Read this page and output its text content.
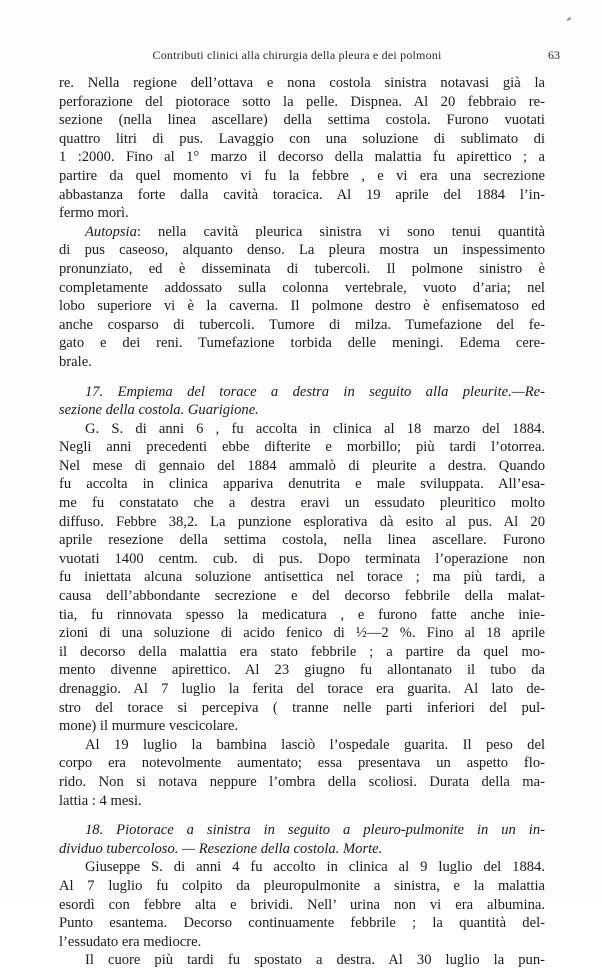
Contributi clinici alla chirurgia della pleura e dei polmoni	63
re. Nella regione dell’ottava e nona costola sinistra notavasi già la
perforazione del piotorace sotto la pelle. Dispnea. Al 20 febbraio re-
sezione (nella linea ascellare) della settima costola. Furono vuotati
quattro litri di pus. Lavaggio con una soluzione di sublimato di
1 :2000. Fino al 1° marzo il decorso della malattia fu apirettico ; a
partire da quel momento vi fu la febbre , e vi era una secrezione
abbastanza forte dalla cavità toracica. Al 19 aprile del 1884 l’in-
fermo morì.
Autopsia: nella cavità pleurica sinistra vi sono tenui quantità
di pus caseoso, alquanto denso. La pleura mostra un inspessimento
pronunziato, ed è disseminata di tubercoli. Il polmone sinistro è
completamente addossato sulla colonna vertebrale, vuoto d’aria; nel
lobo superiore vi è la caverna. Il polmone destro è enfisematoso ed
anche cosparso di tubercoli. Tumore di milza. Tumefazione del fe-
gato e dei reni. Tumefazione torbida delle meningi. Edema cere-
brale.
17. Empiema del torace a destra in seguito alla pleurite.—Re-
sezione della costola. Guarigione.
G. S. di anni 6 , fu accolta in clinica al 18 marzo del 1884.
Negli anni precedenti ebbe difterite e morbillo; più tardi l’otorrea.
Nel mese di gennaio del 1884 ammalò di pleurite a destra. Quando
fu accolta in clinica appariva denutrita e male sviluppata. All’esa-
me fu constatato che a destra eravi un essudato pleuritico molto
diffuso. Febbre 38,2. La punzione esplorativa dà esito al pus. Al 20
aprile resezione della settima costola, nella linea ascellare. Furono
vuotati 1400 centm. cub. di pus. Dopo terminata l’operazione non
fu iniettata alcuna soluzione antisettica nel torace ; ma più tardi, a
causa dell’abbondante secrezione e del decorso febbrile della malat-
tia, fu rinnovata spesso la medicatura , e furono fatte anche inie-
zioni di una soluzione di acido fenico di ½—2 %. Fino al 18 aprile
il decorso della malattia era stato febbrile ; a partire da quel mo-
mento divenne apirettico. Al 23 giugno fu allontanato il tubo da
drenaggio. Al 7 luglio la ferita del torace era guarita. Al lato de-
stro del torace si percepiva ( tranne nelle parti inferiori del pul-
mone) il murmure vescicolare.
Al 19 luglio la bambina lasciò l’ospedale guarita. Il peso del
corpo era notevolmente aumentato; essa presentava un aspetto flo-
rido. Non si notava neppure l’ombra della scoliosi. Durata della ma-
lattia : 4 mesi.
18. Piotorace a sinistra in seguito a pleuro-pulmonite in un in-
dividuo tubercoloso. — Resezione della costola. Morte.
Giuseppe S. di anni 4 fu accolto in clinica al 9 luglio del 1884.
Al 7 luglio fu colpito da pleuropulmonite a sinistra, e la malattia
esordì con febbre alta e brividi. Nell’ urina non vi era albumina.
Punto esantema. Decorso continuamente febbrile ; la quantità del-
l’essudato era mediocre.
Il cuore più tardi fu spostato a destra. Al 30 luglio la pun-
